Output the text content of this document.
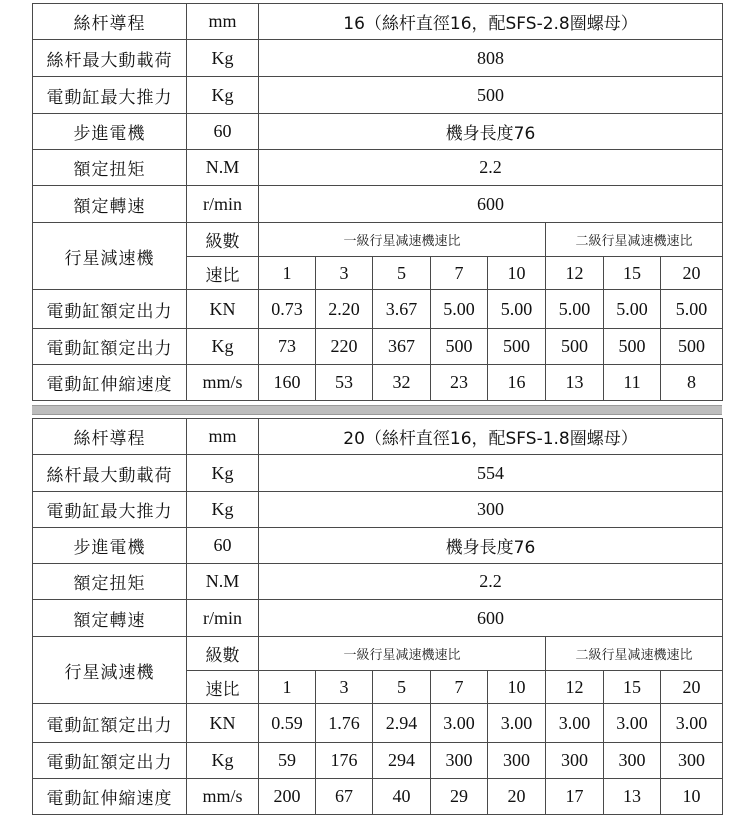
絲杆導程	mm	16（絲杆直徑16，配SFS-2.8圈螺母）							
絲杆最大動載荷	Kg	808							
電動缸最大推力	Kg	500							
步進電機	60	機身長度76							
額定扭矩	N.M	2.2							
額定轉速	r/min	600							
行星減速機	級數	一級行星减速機速比					二級行星减速機速比		
	速比	1	3	5	7	10	12	15	20
電動缸額定出力	KN	0.73	2.20	3.67	5.00	5.00	5.00	5.00	5.00
電動缸額定出力	Kg	73	220	367	500	500	500	500	500
電動缸伸縮速度	mm/s	160	53	32	23	16	13	11	8
絲杆導程	mm	20（絲杆直徑16，配SFS-1.8圈螺母）							
絲杆最大動載荷	Kg	554							
電動缸最大推力	Kg	300							
步進電機	60	機身長度76							
額定扭矩	N.M	2.2							
額定轉速	r/min	600							
行星減速機	級數	一級行星减速機速比					二級行星减速機速比		
	速比	1	3	5	7	10	12	15	20
電動缸額定出力	KN	0.59	1.76	2.94	3.00	3.00	3.00	3.00	3.00
電動缸額定出力	Kg	59	176	294	300	300	300	300	300
電動缸伸縮速度	mm/s	200	67	40	29	20	17	13	10
